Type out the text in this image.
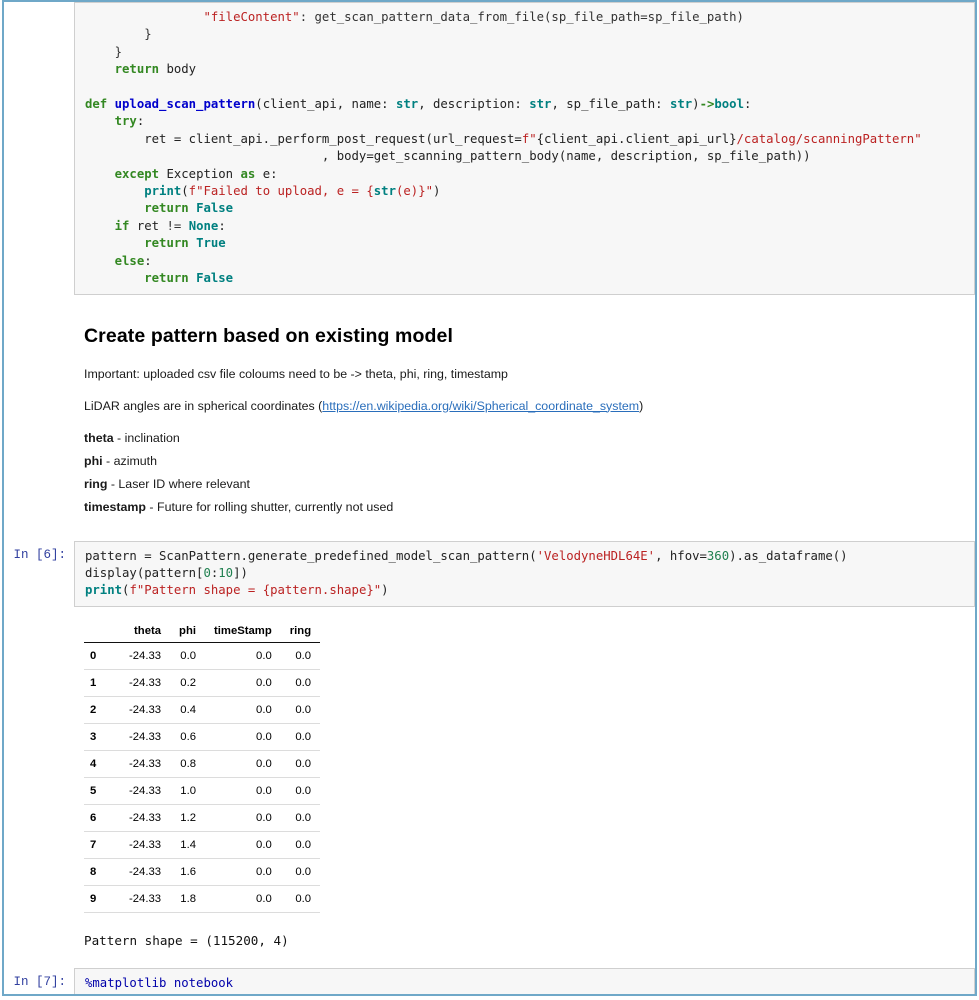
"fileContent": get_scan_pattern_data_from_file(sp_file_path=sp_file_path)
}
}
return body

def upload_scan_pattern(client_api, name: str, description: str, sp_file_path: str)->bool:
try:
ret = client_api._perform_post_request(url_request=f"{client_api.client_api_url}/catalog/scanningPattern"
, body=get_scanning_pattern_body(name, description, sp_file_path))
except Exception as e:
print(f"Failed to upload, e = {str(e)}")
return False
if ret != None:
return True
else:
return False
Create pattern based on existing model
Important: uploaded csv file coloums need to be -> theta, phi, ring, timestamp
LiDAR angles are in spherical coordinates (https://en.wikipedia.org/wiki/Spherical_coordinate_system)
theta - inclination
phi - azimuth
ring - Laser ID where relevant
timestamp - Future for rolling shutter, currently not used
In [6]:	pattern = ScanPattern.generate_predefined_model_scan_pattern('VelodyneHDL64E', hfov=360).as_dataframe()
display(pattern[0:10])
print(f"Pattern shape = {pattern.shape}")
	theta	phi	timeStamp	ring
0	-24.33	0.0	0.0	0.0
1	-24.33	0.2	0.0	0.0
2	-24.33	0.4	0.0	0.0
3	-24.33	0.6	0.0	0.0
4	-24.33	0.8	0.0	0.0
5	-24.33	1.0	0.0	0.0
6	-24.33	1.2	0.0	0.0
7	-24.33	1.4	0.0	0.0
8	-24.33	1.6	0.0	0.0
9	-24.33	1.8	0.0	0.0
Pattern shape = (115200, 4)
In [7]:	%matplotlib notebook
